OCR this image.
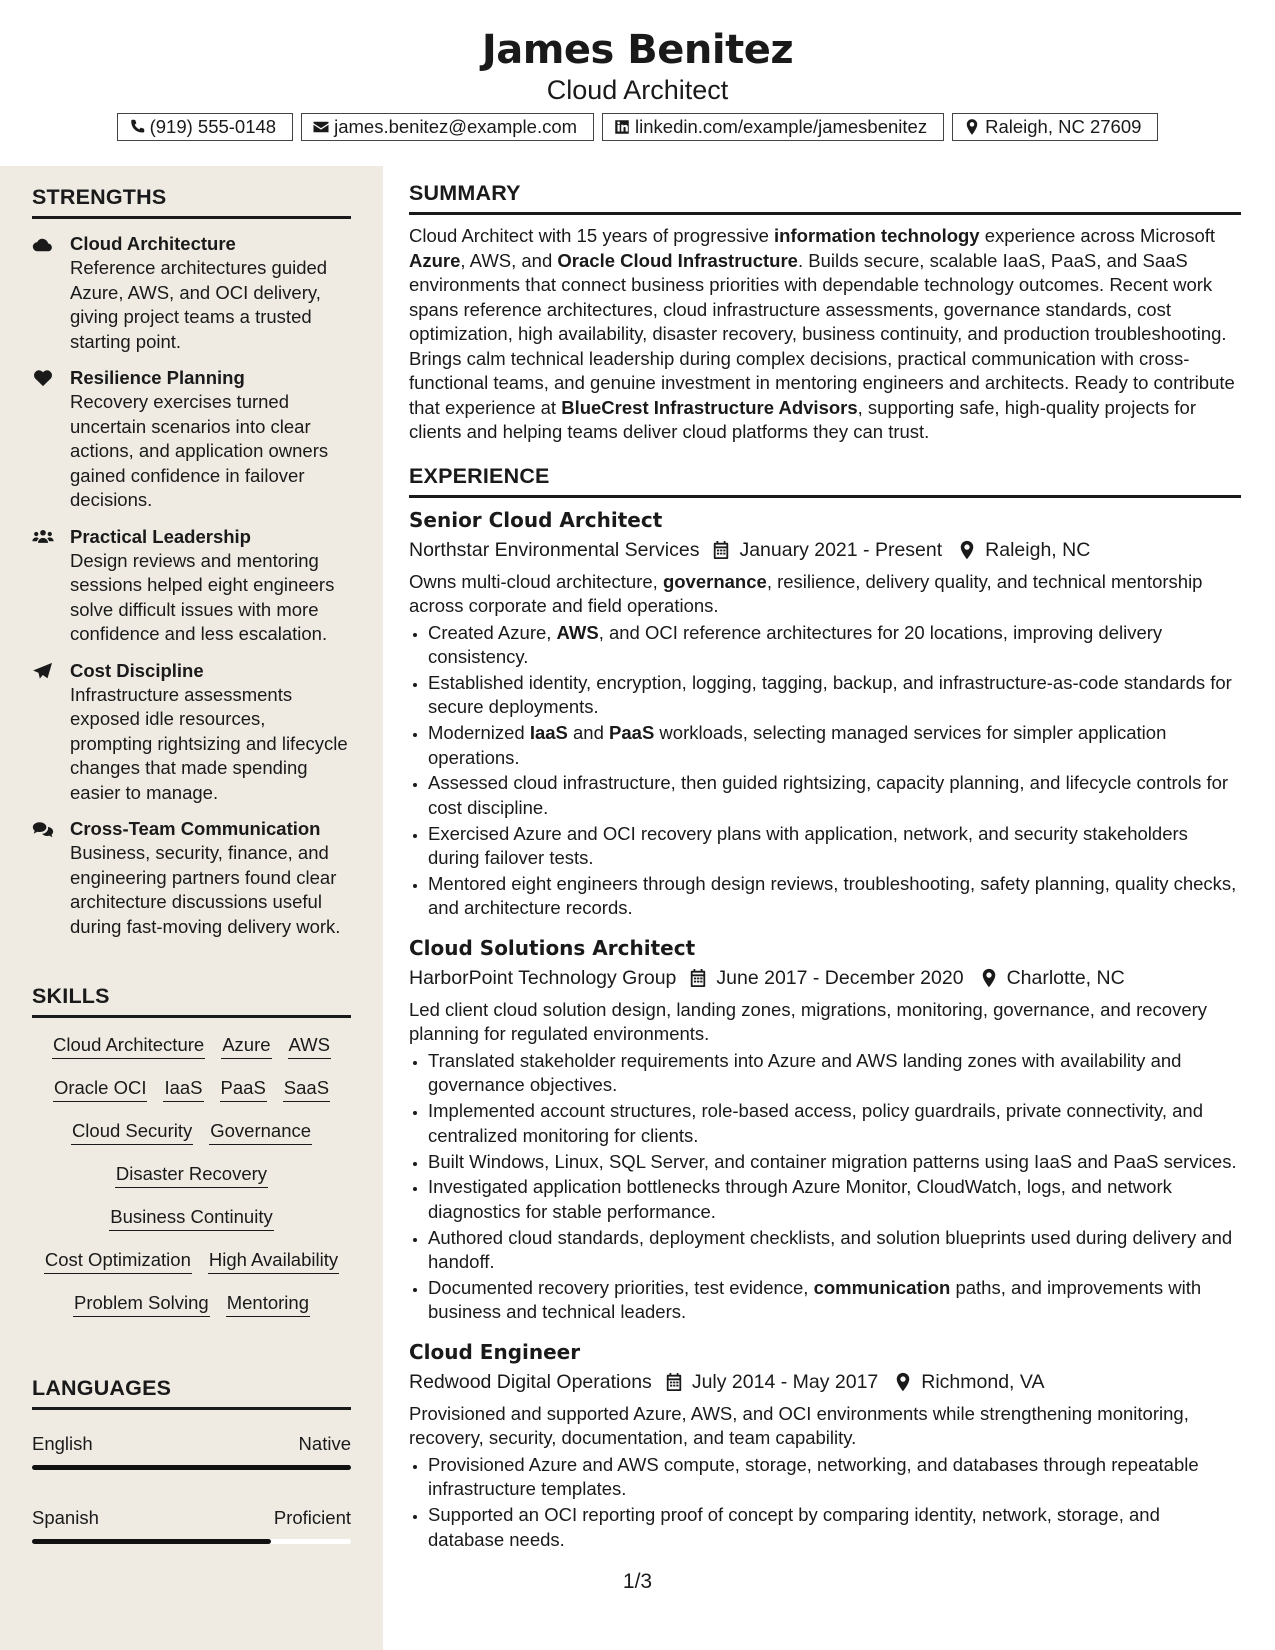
James Benitez
Cloud Architect
(919) 555-0148	james.benitez@example.com	linkedin.com/example/jamesbenitez	Raleigh, NC 27609
STRENGTHS
Cloud Architecture
Reference architectures guided Azure, AWS, and OCI delivery, giving project teams a trusted starting point.
Resilience Planning
Recovery exercises turned uncertain scenarios into clear actions, and application owners gained confidence in failover decisions.
Practical Leadership
Design reviews and mentoring sessions helped eight engineers solve difficult issues with more confidence and less escalation.
Cost Discipline
Infrastructure assessments exposed idle resources, prompting rightsizing and lifecycle changes that made spending easier to manage.
Cross-Team Communication
Business, security, finance, and engineering partners found clear architecture discussions useful during fast-moving delivery work.
SKILLS
Cloud Architecture Azure AWS
Oracle OCI IaaS PaaS SaaS
Cloud Security Governance
Disaster Recovery
Business Continuity
Cost Optimization High Availability
Problem Solving Mentoring
LANGUAGES
English	Native
Spanish	Proficient
SUMMARY
Cloud Architect with 15 years of progressive information technology experience across Microsoft Azure, AWS, and Oracle Cloud Infrastructure. Builds secure, scalable IaaS, PaaS, and SaaS environments that connect business priorities with dependable technology outcomes. Recent work spans reference architectures, cloud infrastructure assessments, governance standards, cost optimization, high availability, disaster recovery, business continuity, and production troubleshooting. Brings calm technical leadership during complex decisions, practical communication with cross-functional teams, and genuine investment in mentoring engineers and architects. Ready to contribute that experience at BlueCrest Infrastructure Advisors, supporting safe, high-quality projects for clients and helping teams deliver cloud platforms they can trust.
EXPERIENCE
Senior Cloud Architect
Northstar Environmental Services January 2021 - Present Raleigh, NC
Owns multi-cloud architecture, governance, resilience, delivery quality, and technical mentorship across corporate and field operations.
• Created Azure, AWS, and OCI reference architectures for 20 locations, improving delivery consistency.
• Established identity, encryption, logging, tagging, backup, and infrastructure-as-code standards for secure deployments.
• Modernized IaaS and PaaS workloads, selecting managed services for simpler application operations.
• Assessed cloud infrastructure, then guided rightsizing, capacity planning, and lifecycle controls for cost discipline.
• Exercised Azure and OCI recovery plans with application, network, and security stakeholders during failover tests.
• Mentored eight engineers through design reviews, troubleshooting, safety planning, quality checks, and architecture records.
Cloud Solutions Architect
HarborPoint Technology Group June 2017 - December 2020 Charlotte, NC
Led client cloud solution design, landing zones, migrations, monitoring, governance, and recovery planning for regulated environments.
• Translated stakeholder requirements into Azure and AWS landing zones with availability and governance objectives.
• Implemented account structures, role-based access, policy guardrails, private connectivity, and centralized monitoring for clients.
• Built Windows, Linux, SQL Server, and container migration patterns using IaaS and PaaS services.
• Investigated application bottlenecks through Azure Monitor, CloudWatch, logs, and network diagnostics for stable performance.
• Authored cloud standards, deployment checklists, and solution blueprints used during delivery and handoff.
• Documented recovery priorities, test evidence, communication paths, and improvements with business and technical leaders.
Cloud Engineer
Redwood Digital Operations July 2014 - May 2017 Richmond, VA
Provisioned and supported Azure, AWS, and OCI environments while strengthening monitoring, recovery, security, documentation, and team capability.
• Provisioned Azure and AWS compute, storage, networking, and databases through repeatable infrastructure templates.
• Supported an OCI reporting proof of concept by comparing identity, network, storage, and database needs.
1/3
